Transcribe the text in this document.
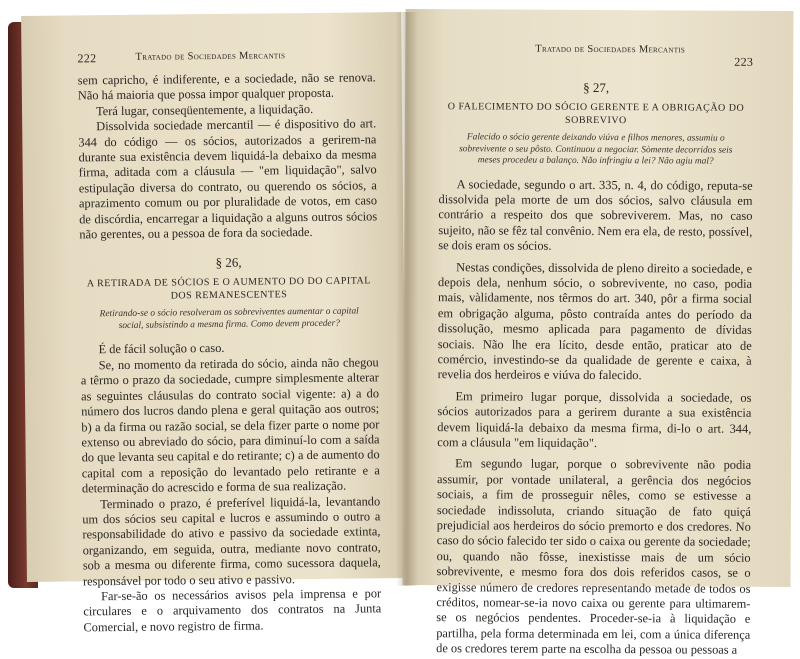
222	Tratado de Sociedades Mercantis

sem capricho, é indiferente, e a sociedade, não se renova. Não há maioria que possa impor qualquer proposta.

Terá lugar, conseqüentemente, a liquidação.

Dissolvida sociedade mercantil — é dispositivo do art. 344 do código — os sócios, autorizados a gerirem-na durante sua existência devem liquidá-la debaixo da mesma firma, aditada com a cláusula — "em liquidação", salvo estipulação diversa do contrato, ou querendo os sócios, a aprazimento comum ou por pluralidade de votos, em caso de discórdia, encarregar a liquidação a alguns outros sócios não gerentes, ou a pessoa de fora da sociedade.

§ 26,
A RETIRADA DE SÓCIOS E O AUMENTO DO DO CAPITAL DOS REMANESCENTES
Retirando-se o sócio resolveram os sobreviventes aumentar o capital social, subsistindo a mesma firma. Como devem proceder?

É de fácil solução o caso.

Se, no momento da retirada do sócio, ainda não chegou a têrmo o prazo da sociedade, cumpre simplesmente alterar as seguintes cláusulas do contrato social vigente: a) a do número dos lucros dando plena e geral quitação aos outros; b) a da firma ou razão social, se dela fizer parte o nome por extenso ou abreviado do sócio, para diminuí-lo com a saída do que levanta seu capital e do retirante; c) a de aumento do capital com a reposição do levantado pelo retirante e a determinação do acrescido e forma de sua realização.

Terminado o prazo, é preferível liquidá-la, levantando um dos sócios seu capital e lucros e assumindo o outro a responsabilidade do ativo e passivo da sociedade extinta, organizando, em seguida, outra, mediante novo contrato, sob a mesma ou diferente firma, como sucessora daquela, responsável por todo o seu ativo e passivo.

Far-se-ão os necessários avisos pela imprensa e por circulares e o arquivamento dos contratos na Junta Comercial, e novo registro de firma.

Tratado de Sociedades Mercantis
223
§ 27,
O FALECIMENTO DO SÓCIO GERENTE E A OBRIGAÇÃO DO SOBREVIVO
Falecido o sócio gerente deixando viúva e filhos menores, assumiu o sobrevivente o seu pôsto. Continuou a negociar. Sòmente decorridos seis meses procedeu a balanço. Não infringiu a lei? Não agiu mal?

A sociedade, segundo o art. 335, n. 4, do código, reputa-se dissolvida pela morte de um dos sócios, salvo cláusula em contrário a respeito dos que sobreviverem. Mas, no caso sujeito, não se fêz tal convênio. Nem era ela, de resto, possível, se dois eram os sócios.

Nestas condições, dissolvida de pleno direito a sociedade, e depois dela, nenhum sócio, o sobrevivente, no caso, podia mais, vàlidamente, nos têrmos do art. 340, pôr a firma social em obrigação alguma, pôsto contraída antes do período da dissolução, mesmo aplicada para pagamento de dívidas sociais. Não lhe era lícito, desde então, praticar ato de comércio, investindo-se da qualidade de gerente e caixa, à revelia dos herdeiros e viúva do falecido.

Em primeiro lugar porque, dissolvida a sociedade, os sócios autorizados para a gerirem durante a sua existência devem liquidá-la debaixo da mesma firma, di-lo o art. 344, com a cláusula "em liquidação".

Em segundo lugar, porque o sobrevivente não podia assumir, por vontade unilateral, a gerência dos negócios sociais, a fim de prosseguir nêles, como se estivesse a sociedade indissoluta, criando situação de fato quiçá prejudicial aos herdeiros do sócio premorto e dos credores. No caso do sócio falecido ter sido o caixa ou gerente da sociedade; ou, quando não fôsse, inexistisse mais de um sócio sobrevivente, e mesmo fora dos dois referidos casos, se o exigisse número de credores representando metade de todos os créditos, nomear-se-ia novo caixa ou gerente para ultimarem-se os negócios pendentes. Proceder-se-ia à liquidação e partilha, pela forma determinada em lei, com a única diferença de os credores terem parte na escolha da pessoa ou pessoas a
